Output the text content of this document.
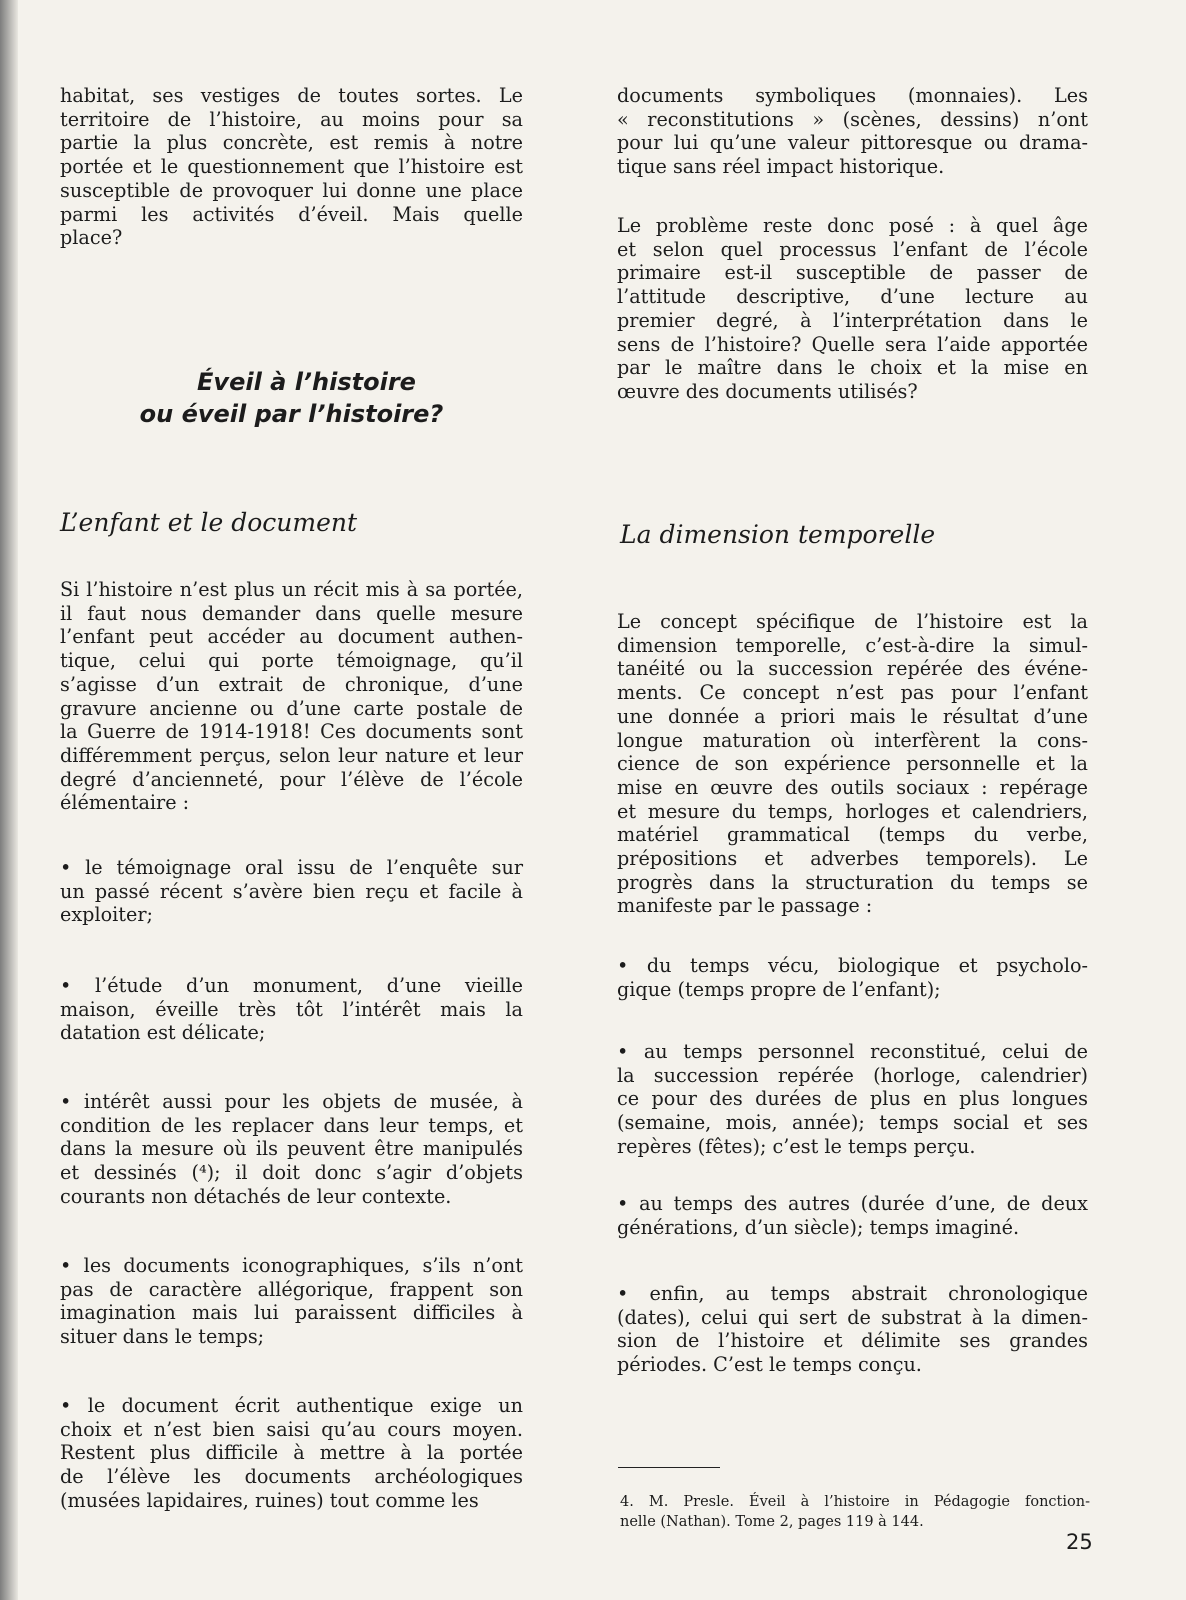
habitat, ses vestiges de toutes sortes. Le
territoire de l’histoire, au moins pour sa
partie la plus concrète, est remis à notre
portée et le questionnement que l’histoire est
susceptible de provoquer lui donne une place
parmi les activités d’éveil. Mais quelle
place?
Éveil à l’histoire
ou éveil par l’histoire?
L’enfant et le document
Si l’histoire n’est plus un récit mis à sa portée,
il faut nous demander dans quelle mesure
l’enfant peut accéder au document authen-
tique, celui qui porte témoignage, qu’il
s’agisse d’un extrait de chronique, d’une
gravure ancienne ou d’une carte postale de
la Guerre de 1914-1918! Ces documents sont
différemment perçus, selon leur nature et leur
degré d’ancienneté, pour l’élève de l’école
élémentaire :
• le témoignage oral issu de l’enquête sur
un passé récent s’avère bien reçu et facile à
exploiter;
• l’étude d’un monument, d’une vieille
maison, éveille très tôt l’intérêt mais la
datation est délicate;
• intérêt aussi pour les objets de musée, à
condition de les replacer dans leur temps, et
dans la mesure où ils peuvent être manipulés
et dessinés (⁴); il doit donc s’agir d’objets
courants non détachés de leur contexte.
• les documents iconographiques, s’ils n’ont
pas de caractère allégorique, frappent son
imagination mais lui paraissent difficiles à
situer dans le temps;
• le document écrit authentique exige un
choix et n’est bien saisi qu’au cours moyen.
Restent plus difficile à mettre à la portée
de l’élève les documents archéologiques
(musées lapidaires, ruines) tout comme les
documents symboliques (monnaies). Les
« reconstitutions » (scènes, dessins) n’ont
pour lui qu’une valeur pittoresque ou drama-
tique sans réel impact historique.
Le problème reste donc posé : à quel âge
et selon quel processus l’enfant de l’école
primaire est-il susceptible de passer de
l’attitude descriptive, d’une lecture au
premier degré, à l’interprétation dans le
sens de l’histoire? Quelle sera l’aide apportée
par le maître dans le choix et la mise en
œuvre des documents utilisés?
La dimension temporelle
Le concept spécifique de l’histoire est la
dimension temporelle, c’est-à-dire la simul-
tanéité ou la succession repérée des événe-
ments. Ce concept n’est pas pour l’enfant
une donnée a priori mais le résultat d’une
longue maturation où interfèrent la cons-
cience de son expérience personnelle et la
mise en œuvre des outils sociaux : repérage
et mesure du temps, horloges et calendriers,
matériel grammatical (temps du verbe,
prépositions et adverbes temporels). Le
progrès dans la structuration du temps se
manifeste par le passage :
• du temps vécu, biologique et psycholo-
gique (temps propre de l’enfant);
• au temps personnel reconstitué, celui de
la succession repérée (horloge, calendrier)
ce pour des durées de plus en plus longues
(semaine, mois, année); temps social et ses
repères (fêtes); c’est le temps perçu.
• au temps des autres (durée d’une, de deux
générations, d’un siècle); temps imaginé.
• enfin, au temps abstrait chronologique
(dates), celui qui sert de substrat à la dimen-
sion de l’histoire et délimite ses grandes
périodes. C’est le temps conçu.
4. M. Presle. Éveil à l’histoire in Pédagogie fonction-
nelle (Nathan). Tome 2, pages 119 à 144.
25
